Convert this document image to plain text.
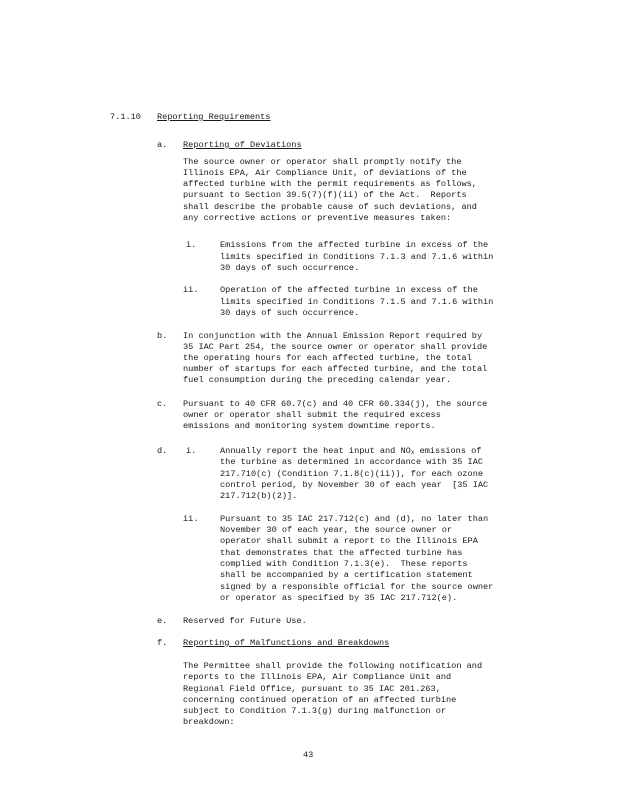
7.1.10 Reporting Requirements
a. Reporting of Deviations
The source owner or operator shall promptly notify the
Illinois EPA, Air Compliance Unit, of deviations of the
affected turbine with the permit requirements as follows,
pursuant to Section 39.5(7)(f)(ii) of the Act.  Reports
shall describe the probable cause of such deviations, and
any corrective actions or preventive measures taken:
i.	Emissions from the affected turbine in excess of the
limits specified in Conditions 7.1.3 and 7.1.6 within
30 days of such occurrence.
ii.	Operation of the affected turbine in excess of the
limits specified in Conditions 7.1.5 and 7.1.6 within
30 days of such occurrence.
b. In conjunction with the Annual Emission Report required by
35 IAC Part 254, the source owner or operator shall provide
the operating hours for each affected turbine, the total
number of startups for each affected turbine, and the total
fuel consumption during the preceding calendar year.
c. Pursuant to 40 CFR 60.7(c) and 40 CFR 60.334(j), the source
owner or operator shall submit the required excess
emissions and monitoring system downtime reports.
d. i.	Annually report the heat input and NOx emissions of
the turbine as determined in accordance with 35 IAC
217.710(c) (Condition 7.1.8(c)(ii)), for each ozone
control period, by November 30 of each year  [35 IAC
217.712(b)(2)].
ii.	Pursuant to 35 IAC 217.712(c) and (d), no later than
November 30 of each year, the source owner or
operator shall submit a report to the Illinois EPA
that demonstrates that the affected turbine has
complied with Condition 7.1.3(e).  These reports
shall be accompanied by a certification statement
signed by a responsible official for the source owner
or operator as specified by 35 IAC 217.712(e).
e. Reserved for Future Use.
f. Reporting of Malfunctions and Breakdowns
The Permittee shall provide the following notification and
reports to the Illinois EPA, Air Compliance Unit and
Regional Field Office, pursuant to 35 IAC 201.263,
concerning continued operation of an affected turbine
subject to Condition 7.1.3(g) during malfunction or
breakdown:
43
